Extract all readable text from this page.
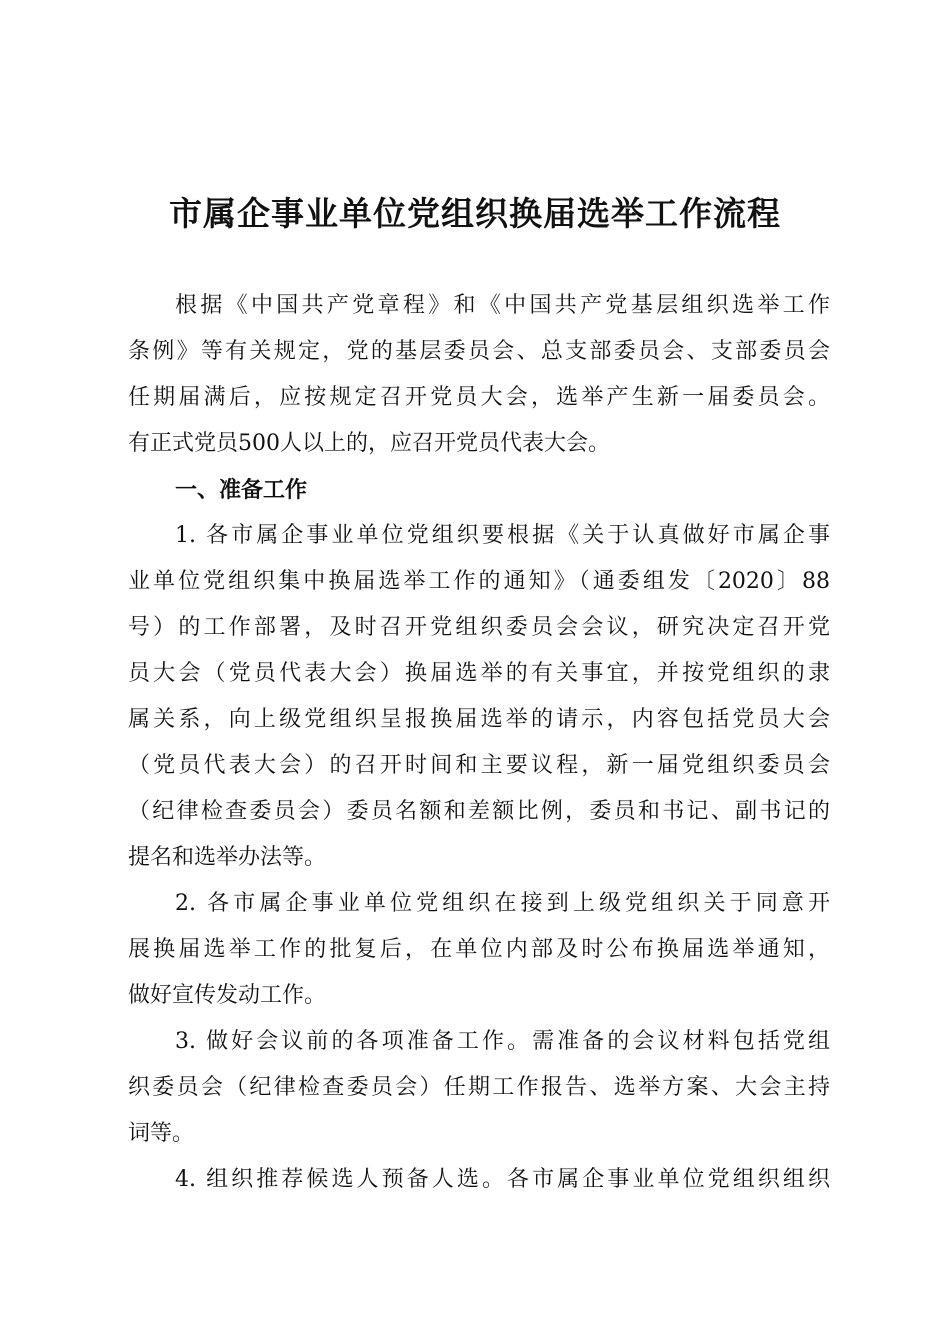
市属企事业单位党组织换届选举工作流程
根据《中国共产党章程》和《中国共产党基层组织选举工作
条例》等有关规定，党的基层委员会、总支部委员会、支部委员会
任期届满后，应按规定召开党员大会，选举产生新一届委员会。
有正式党员500人以上的，应召开党员代表大会。
一、准备工作
1. 各市属企事业单位党组织要根据《关于认真做好市属企事
业单位党组织集中换届选举工作的通知》（通委组发〔2020〕88
号）的工作部署，及时召开党组织委员会会议，研究决定召开党
员大会（党员代表大会）换届选举的有关事宜，并按党组织的隶
属关系，向上级党组织呈报换届选举的请示，内容包括党员大会
（党员代表大会）的召开时间和主要议程，新一届党组织委员会
（纪律检查委员会）委员名额和差额比例，委员和书记、副书记的
提名和选举办法等。
2. 各市属企事业单位党组织在接到上级党组织关于同意开
展换届选举工作的批复后，在单位内部及时公布换届选举通知，
做好宣传发动工作。
3. 做好会议前的各项准备工作。需准备的会议材料包括党组
织委员会（纪律检查委员会）任期工作报告、选举方案、大会主持
词等。
4. 组织推荐候选人预备人选。各市属企事业单位党组织组织
